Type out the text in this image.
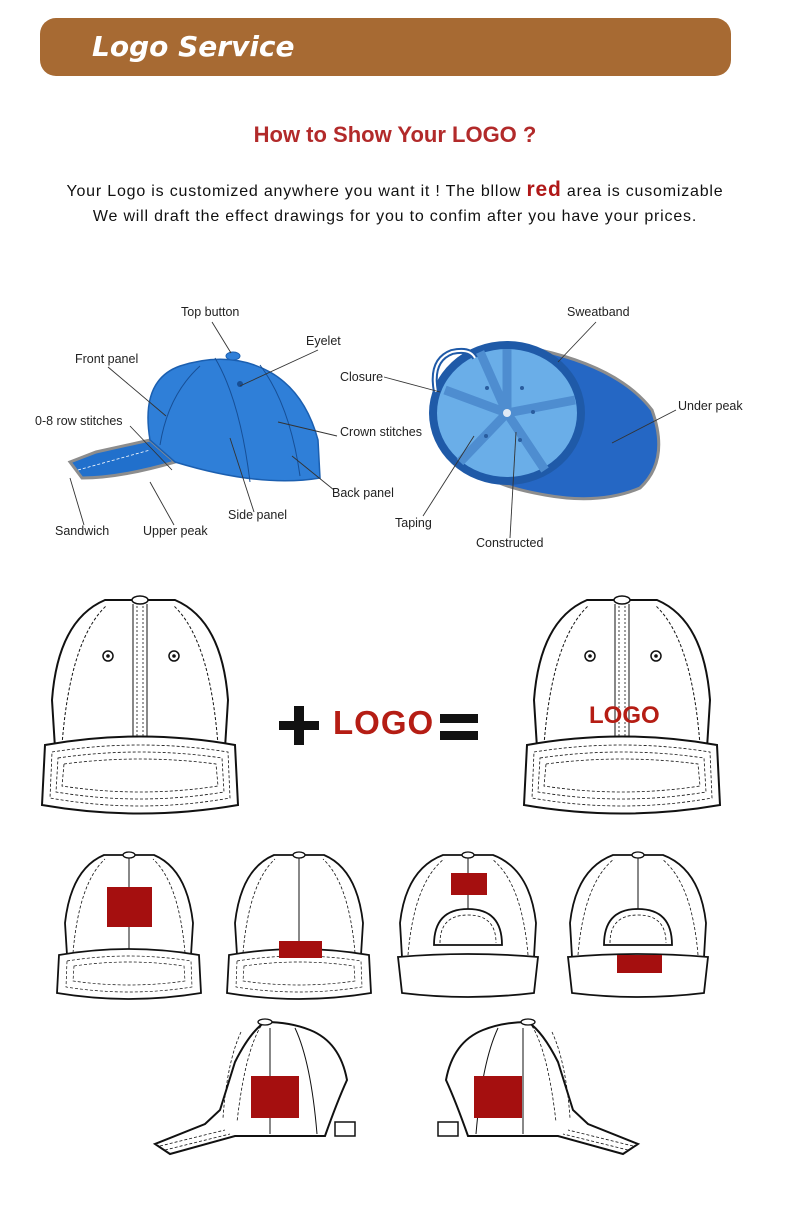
Logo Service
How to Show Your LOGO ?
Your Logo is customized anywhere you want it ! The bllow red area is cusomizable
We will draft the effect drawings for you to confim after you have your prices.
Top button
Eyelet
Front panel
0-8 row stitches
Crown stitches
Back panel
Side panel
Upper peak
Sandwich
Sweatband
Closure
Under peak
Taping
Constructed
LOGO	LOGO
